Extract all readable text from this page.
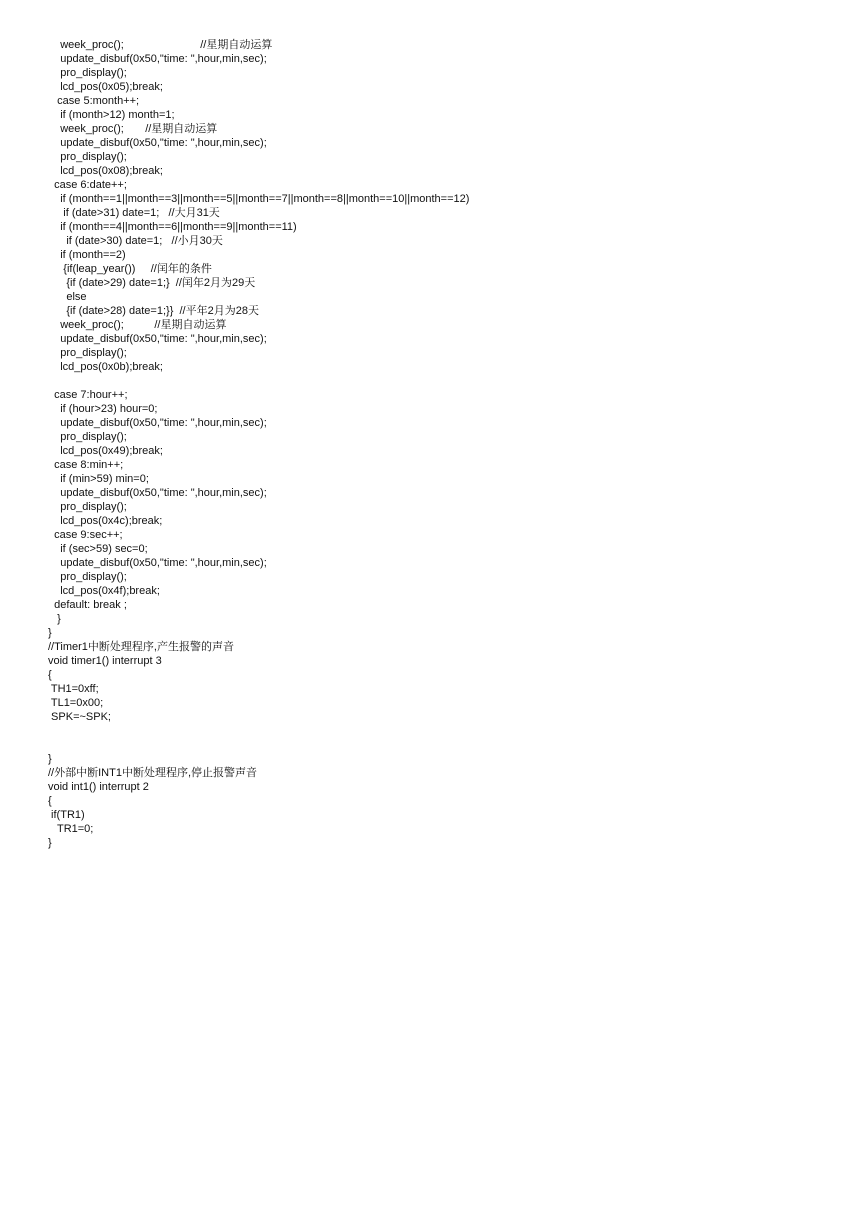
week_proc();                         //星期自动运算
update_disbuf(0x50,"time: ",hour,min,sec);
pro_display();
lcd_pos(0x05);break;
case 5:month++;
if (month>12) month=1;
week_proc();       //星期自动运算
update_disbuf(0x50,"time: ",hour,min,sec);
pro_display();
lcd_pos(0x08);break;
case 6:date++;
if (month==1||month==3||month==5||month==7||month==8||month==10||month==12)
if (date>31) date=1;   //大月31天
if (month==4||month==6||month==9||month==11)
if (date>30) date=1;   //小月30天
if (month==2)
{if(leap_year())     //闰年的条件
{if (date>29) date=1;}  //闰年2月为29天
else
{if (date>28) date=1;}}  //平年2月为28天
week_proc();          //星期自动运算
update_disbuf(0x50,"time: ",hour,min,sec);
pro_display();
lcd_pos(0x0b);break;
case 7:hour++;
if (hour>23) hour=0;
update_disbuf(0x50,"time: ",hour,min,sec);
pro_display();
lcd_pos(0x49);break;
case 8:min++;
if (min>59) min=0;
update_disbuf(0x50,"time: ",hour,min,sec);
pro_display();
lcd_pos(0x4c);break;
case 9:sec++;
if (sec>59) sec=0;
update_disbuf(0x50,"time: ",hour,min,sec);
pro_display();
lcd_pos(0x4f);break;
default: break ;
}
}
//Timer1中断处理程序,产生报警的声音
void timer1() interrupt 3
{
TH1=0xff;
TL1=0x00;
SPK=~SPK;
}
//外部中断INT1中断处理程序,停止报警声音
void int1() interrupt 2
{
if(TR1)
TR1=0;
}
